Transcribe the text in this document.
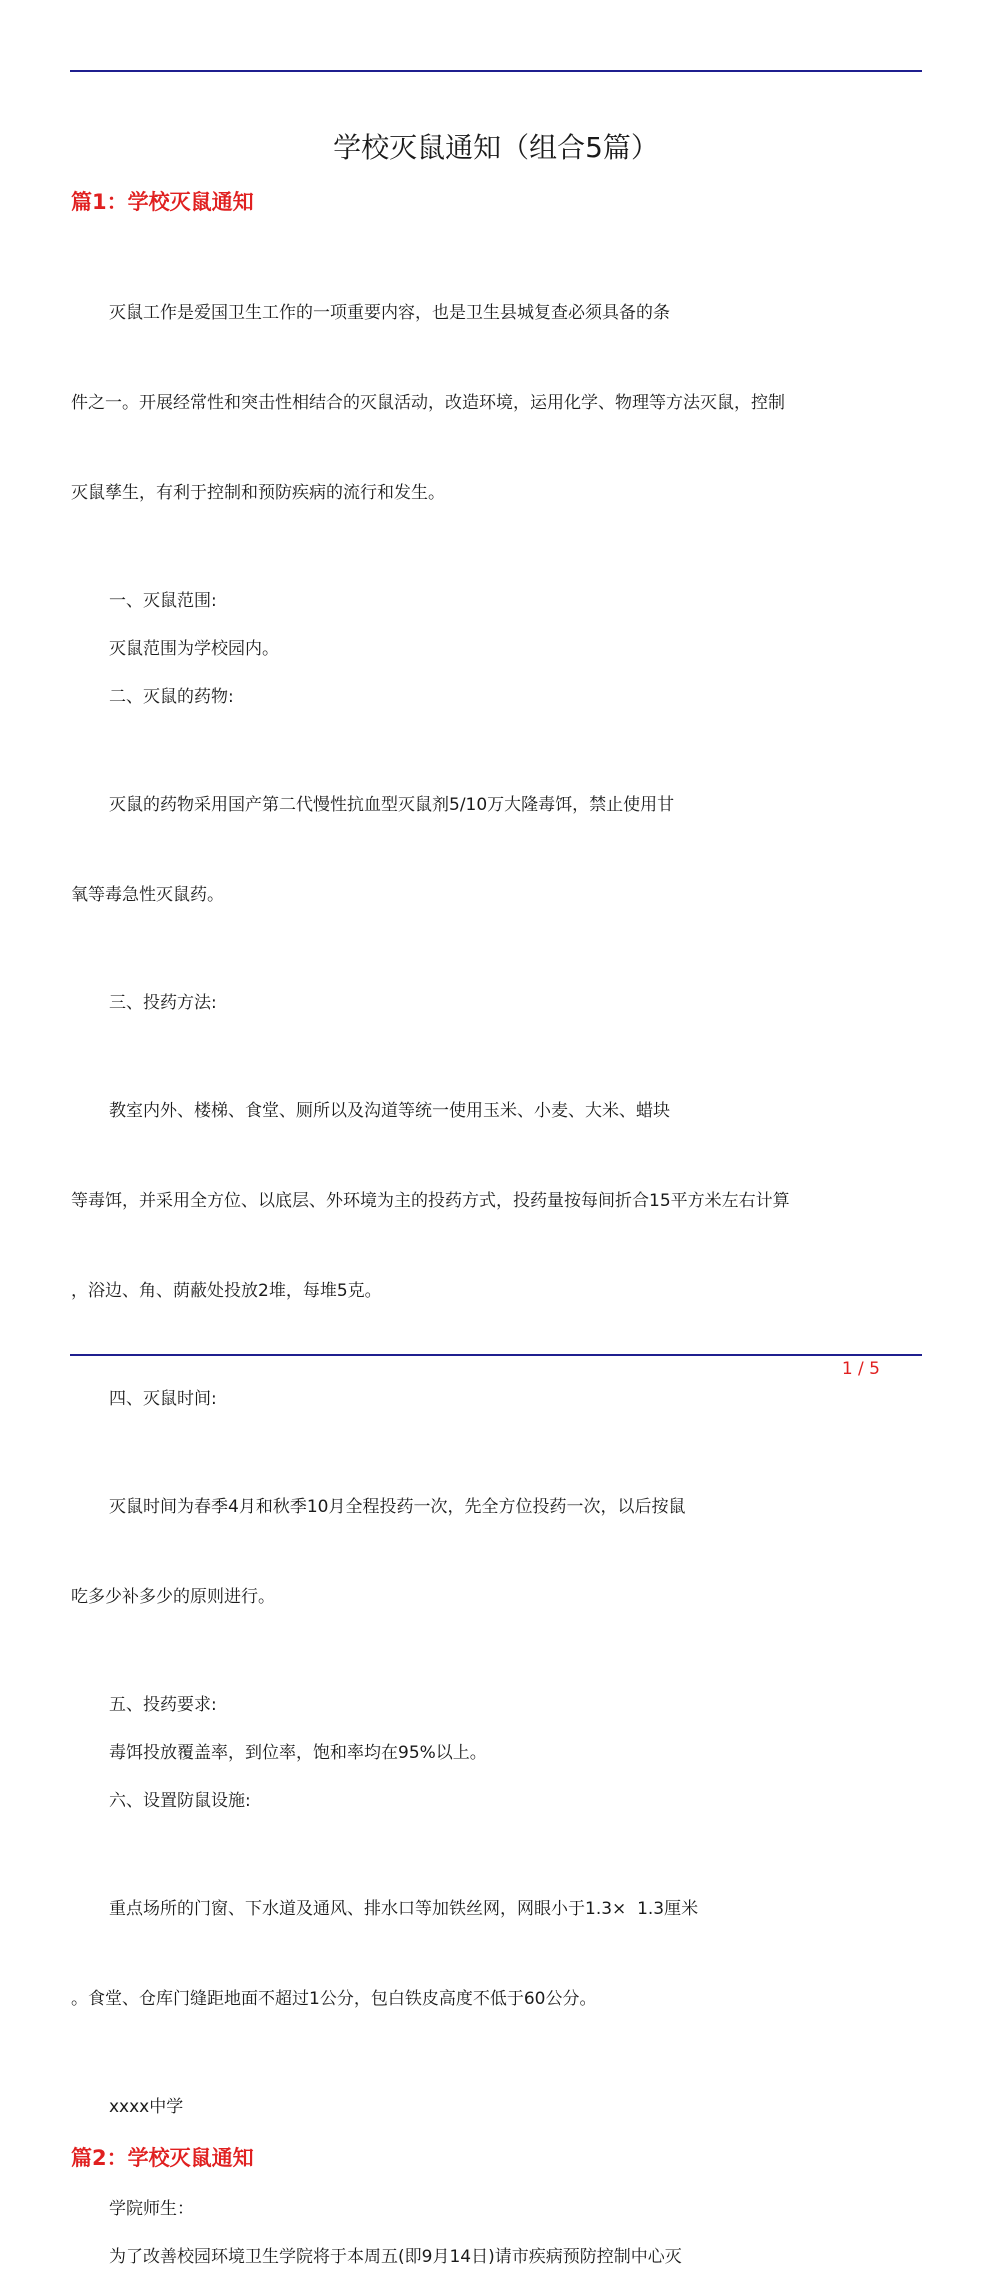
学校灭鼠通知（组合5篇）
篇1：学校灭鼠通知

灭鼠工作是爱国卫生工作的一项重要内容，也是卫生县城复查必须具备的条

件之一。开展经常性和突击性相结合的灭鼠活动，改造环境，运用化学、物理等方法灭鼠，控制

灭鼠孳生，有利于控制和预防疾病的流行和发生。

一、灭鼠范围:
灭鼠范围为学校园内。
二、灭鼠的药物:

灭鼠的药物采用国产第二代慢性抗血型灭鼠剂5/10万大隆毒饵，禁止使用甘

氧等毒急性灭鼠药。

三、投药方法:

教室内外、楼梯、食堂、厕所以及沟道等统一使用玉米、小麦、大米、蜡块

等毒饵，并采用全方位、以底层、外环境为主的投药方式，投药量按每间折合15平方米左右计算

，浴边、角、荫蔽处投放2堆，每堆5克。

四、灭鼠时间:

灭鼠时间为春季4月和秋季10月全程投药一次，先全方位投药一次，以后按鼠

吃多少补多少的原则进行。

五、投药要求:
毒饵投放覆盖率，到位率，饱和率均在95%以上。
六、设置防鼠设施:

重点场所的门窗、下水道及通风、排水口等加铁丝网，网眼小于1.3×  1.3厘米

。食堂、仓库门缝距地面不超过1公分，包白铁皮高度不低于60公分。

xxxx中学
篇2：学校灭鼠通知
学院师生：
为了改善校园环境卫生学院将于本周五(即9月14日)请市疾病预防控制中心灭
1 / 5
